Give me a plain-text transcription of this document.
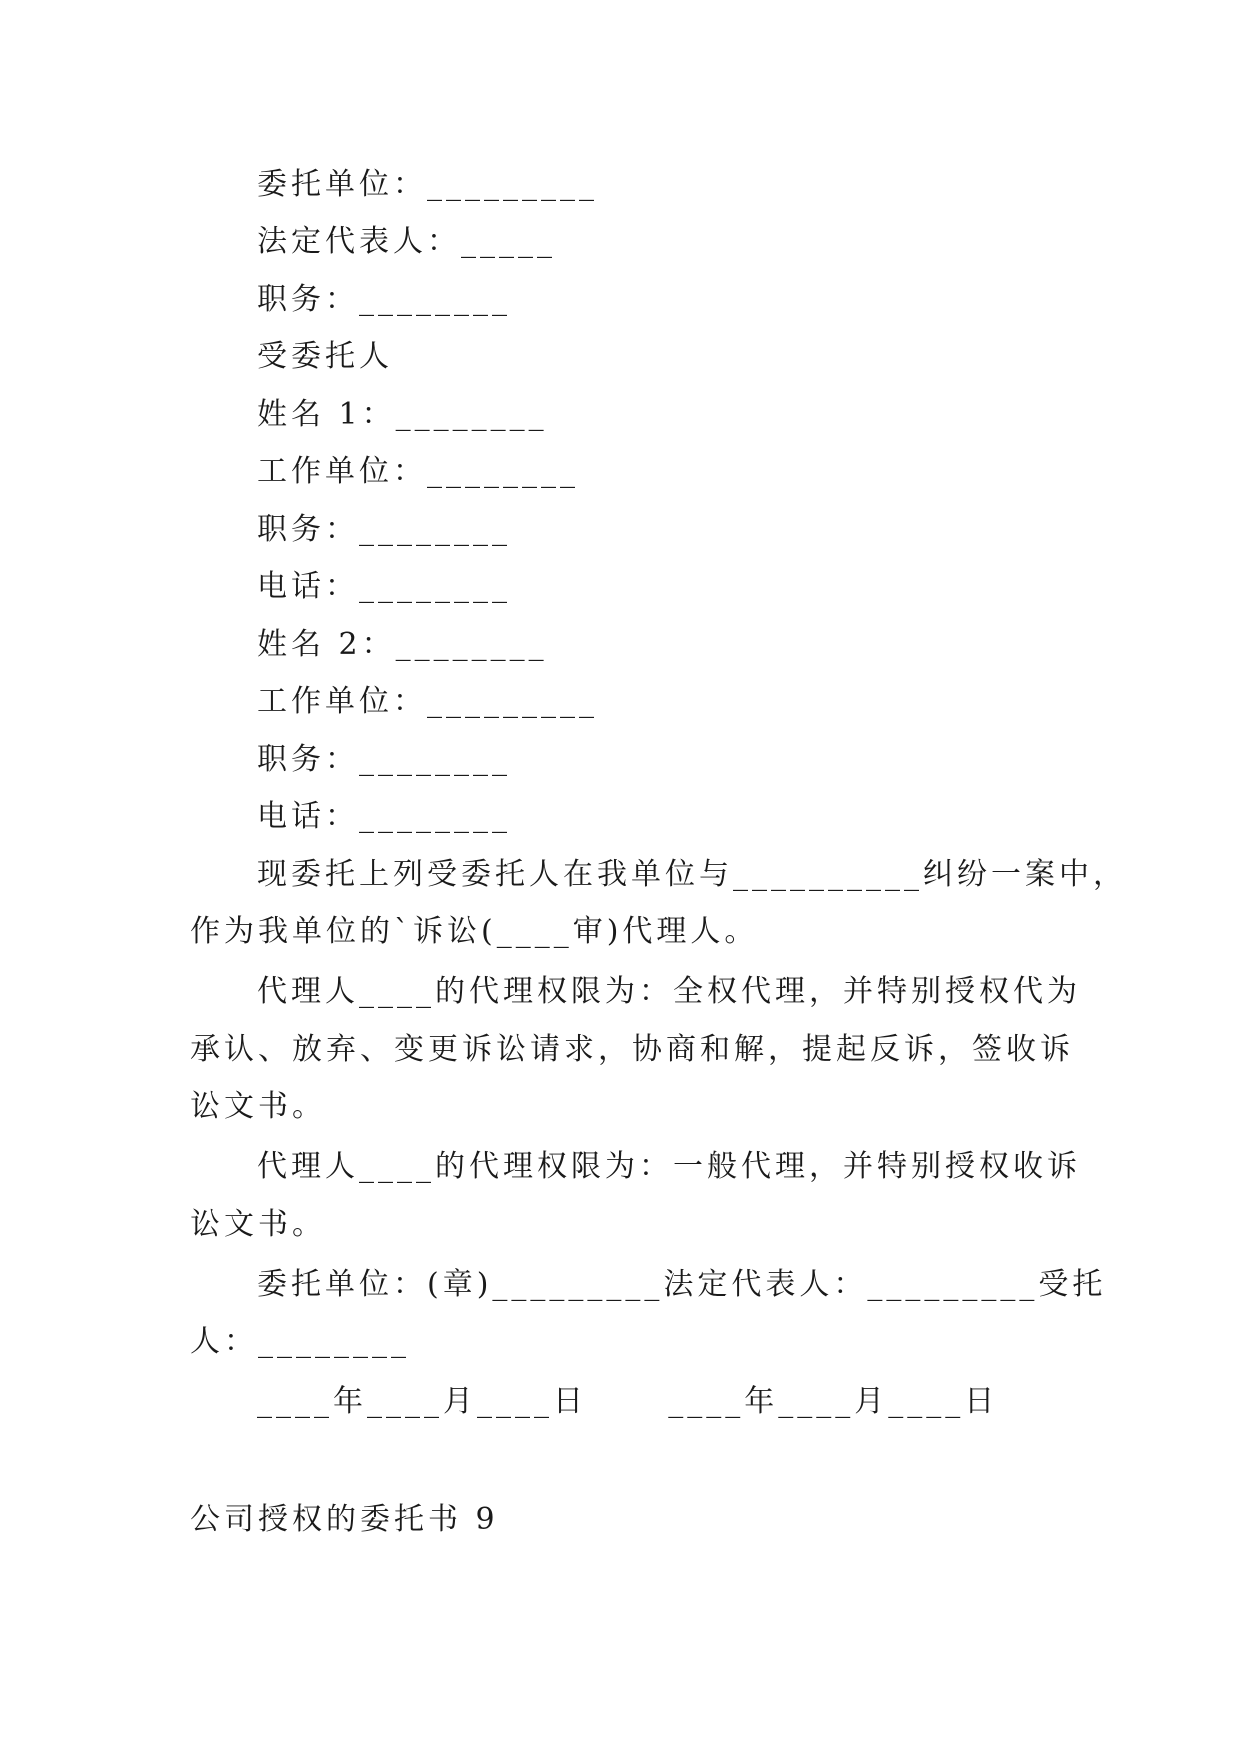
委托单位：_________

法定代表人：_____

职务：________

受委托人

姓名 1：________

工作单位：________

职务：________

电话：________

姓名 2：________

工作单位：_________

职务：________

电话：________

现委托上列受委托人在我单位与__________纠纷一案中，

作为我单位的`诉讼(____审)代理人。

代理人____的代理权限为：全权代理，并特别授权代为

承认、放弃、变更诉讼请求，协商和解，提起反诉，签收诉

讼文书。

代理人____的代理权限为：一般代理，并特别授权收诉

讼文书。

委托单位：(章)_________法定代表人：_________受托

人：________

____年____月____日      ____年____月____日

公司授权的委托书 9
